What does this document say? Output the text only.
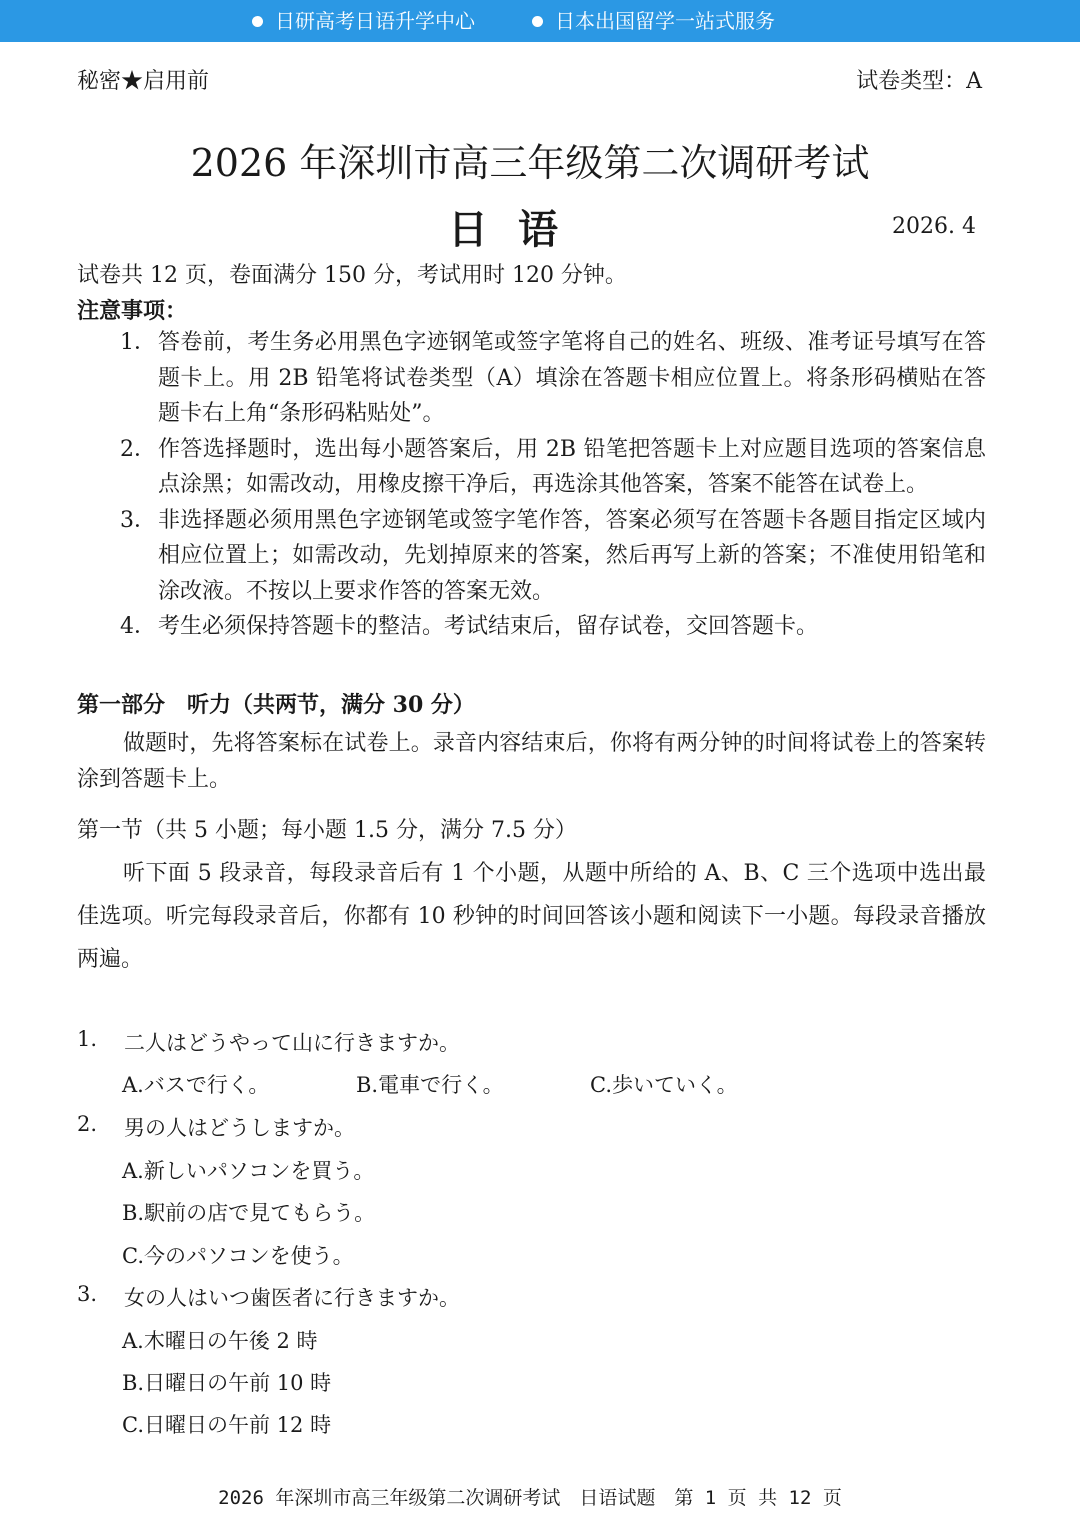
日研高考日语升学中心	日本出国留学一站式服务
秘密★启用前	试卷类型：A
2026 年深圳市高三年级第二次调研考试
日语	2026. 4
试卷共 12 页，卷面满分 150 分，考试用时 120 分钟。
注意事项：
1． 答卷前，考生务必用黑色字迹钢笔或签字笔将自己的姓名、班级、准考证号填写在答题卡上。用 2B 铅笔将试卷类型（A）填涂在答题卡相应位置上。将条形码横贴在答题卡右上角“条形码粘贴处”。
2． 作答选择题时，选出每小题答案后，用 2B 铅笔把答题卡上对应题目选项的答案信息点涂黑；如需改动，用橡皮擦干净后，再选涂其他答案，答案不能答在试卷上。
3． 非选择题必须用黑色字迹钢笔或签字笔作答，答案必须写在答题卡各题目指定区域内相应位置上；如需改动，先划掉原来的答案，然后再写上新的答案；不准使用铅笔和涂改液。不按以上要求作答的答案无效。
4． 考生必须保持答题卡的整洁。考试结束后，留存试卷，交回答题卡。
第一部分　听力（共两节，满分 30 分）
做题时，先将答案标在试卷上。录音内容结束后，你将有两分钟的时间将试卷上的答案转涂到答题卡上。
第一节（共 5 小题；每小题 1.5 分，满分 7.5 分）
听下面 5 段录音，每段录音后有 1 个小题，从题中所给的 A、B、C 三个选项中选出最佳选项。听完每段录音后，你都有 10 秒钟的时间回答该小题和阅读下一小题。每段录音播放两遍。
1. 二人はどうやって山に行きますか。
A.バスで行く。	B.電車で行く。	C.歩いていく。
2. 男の人はどうしますか。
A.新しいパソコンを買う。
B.駅前の店で見てもらう。
C.今のパソコンを使う。
3. 女の人はいつ歯医者に行きますか。
A.木曜日の午後 2 時
B.日曜日の午前 10 時
C.日曜日の午前 12 時
2026 年深圳市高三年级第二次调研考试　日语试题　第 1 页 共 12 页
